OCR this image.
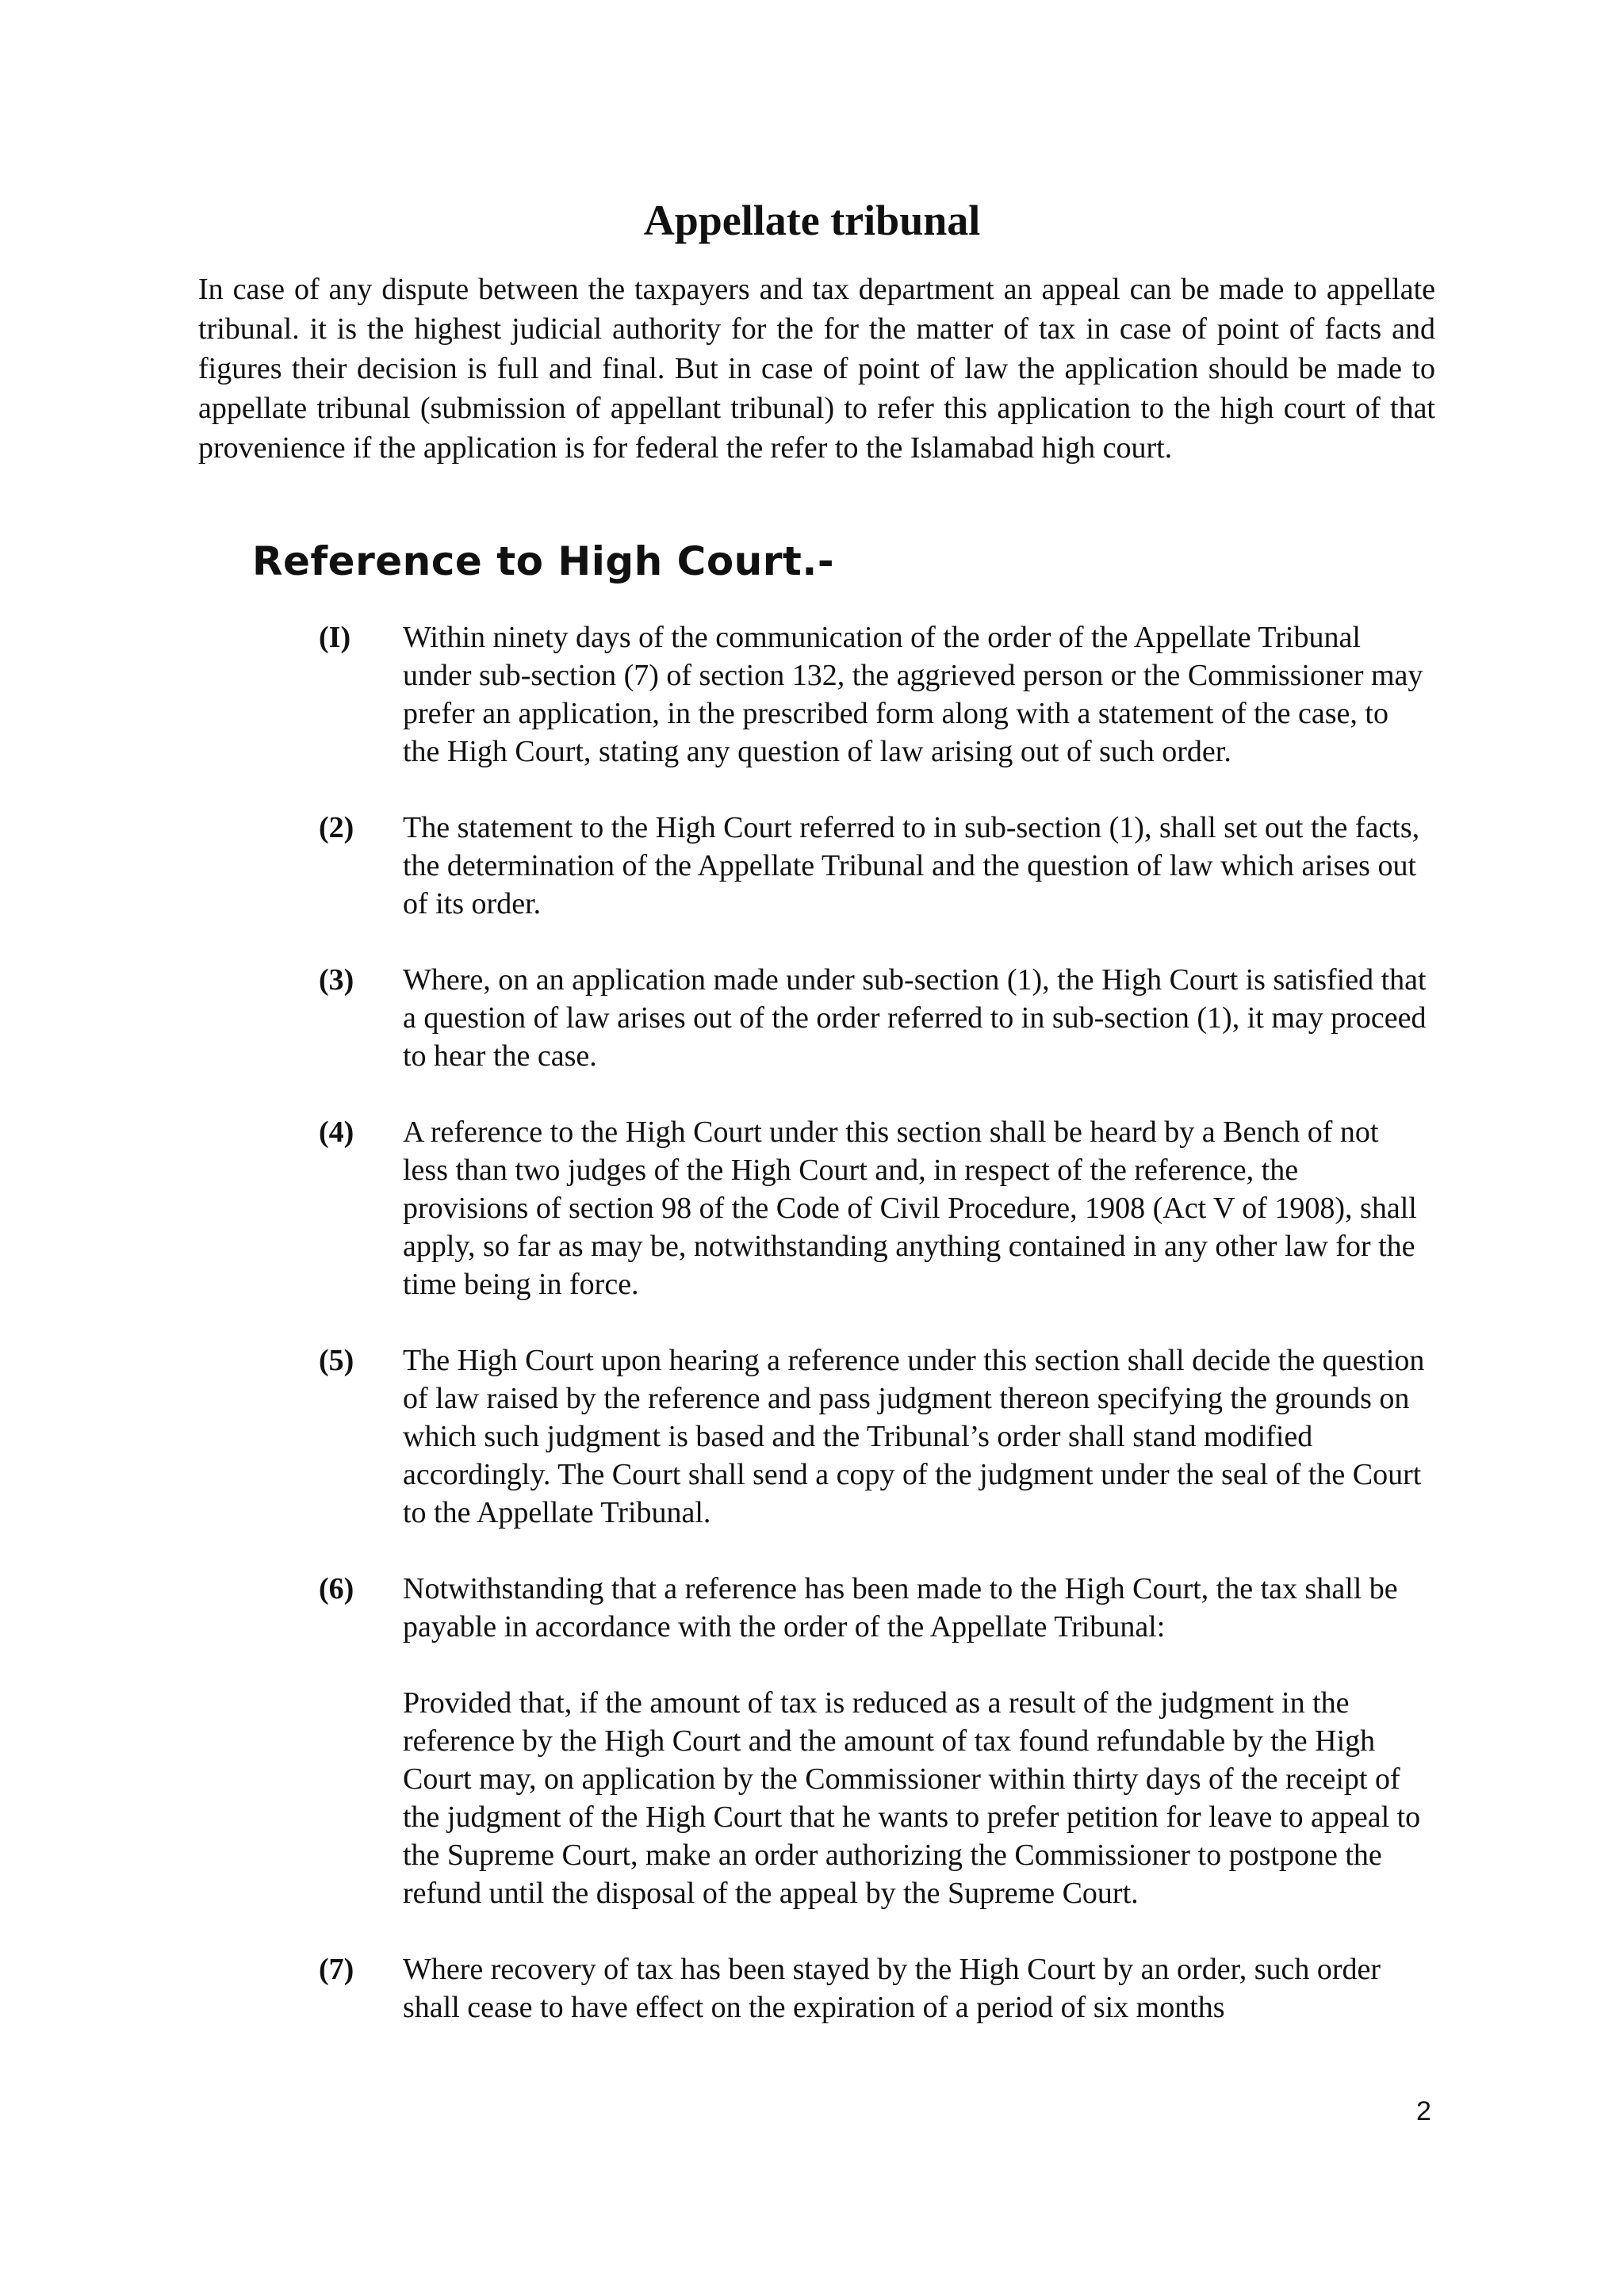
Appellate tribunal

In case of any dispute between the taxpayers and tax department an appeal can be made to appellate tribunal. it is the highest judicial authority for the for the matter of tax in case of point of facts and figures their decision is full and final. But in case of point of law the application should be made to appellate tribunal (submission of appellant tribunal) to refer this application to the high court of that provenience if the application is for federal the refer to the Islamabad high court.

Reference to High Court.-
(I) Within ninety days of the communication of the order of the Appellate Tribunal under sub-section (7) of section 132, the aggrieved person or the Commissioner may prefer an application, in the prescribed form along with a statement of the case, to the High Court, stating any question of law arising out of such order.
(2) The statement to the High Court referred to in sub-section (1), shall set out the facts, the determination of the Appellate Tribunal and the question of law which arises out of its order.
(3) Where, on an application made under sub-section (1), the High Court is satisfied that a question of law arises out of the order referred to in sub-section (1), it may proceed to hear the case.
(4) A reference to the High Court under this section shall be heard by a Bench of not less than two judges of the High Court and, in respect of the reference, the provisions of section 98 of the Code of Civil Procedure, 1908 (Act V of 1908), shall apply, so far as may be, notwithstanding anything contained in any other law for the time being in force.
(5) The High Court upon hearing a reference under this section shall decide the question of law raised by the reference and pass judgment thereon specifying the grounds on which such judgment is based and the Tribunal’s order shall stand modified accordingly. The Court shall send a copy of the judgment under the seal of the Court to the Appellate Tribunal.
(6) Notwithstanding that a reference has been made to the High Court, the tax shall be payable in accordance with the order of the Appellate Tribunal:
Provided that, if the amount of tax is reduced as a result of the judgment in the reference by the High Court and the amount of tax found refundable by the High Court may, on application by the Commissioner within thirty days of the receipt of the judgment of the High Court that he wants to prefer petition for leave to appeal to the Supreme Court, make an order authorizing the Commissioner to postpone the refund until the disposal of the appeal by the Supreme Court.
(7) Where recovery of tax has been stayed by the High Court by an order, such order shall cease to have effect on the expiration of a period of six months

2
